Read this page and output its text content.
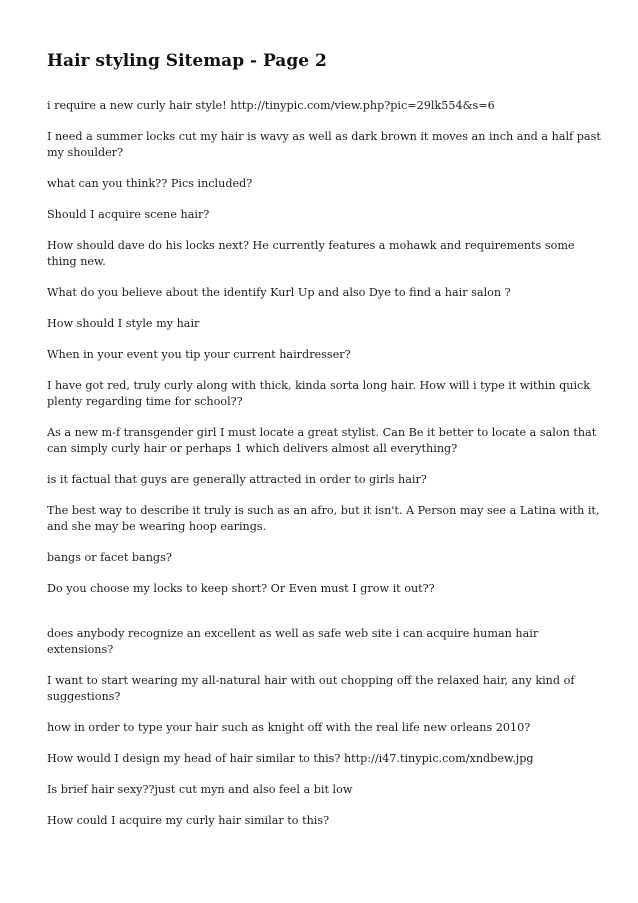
Hair styling Sitemap - Page 2

i require a new curly hair style! http://tinypic.com/view.php?pic=29lk554&s=6

I need a summer locks cut my hair is wavy as well as dark brown it moves an inch and a half past my shoulder?

what can you think?? Pics included?

Should I acquire scene hair?

How should dave do his locks next? He currently features a mohawk and requirements some thing new.

What do you believe about the identify Kurl Up and also Dye to find a hair salon ?

How should I style my hair

When in your event you tip your current hairdresser?

I have got red, truly curly along with thick, kinda sorta long hair. How will i type it within quick plenty regarding time for school??

As a new m-f transgender girl I must locate a great stylist. Can Be it better to locate a salon that can simply curly hair or perhaps 1 which delivers almost all everything?

is it factual that guys are generally attracted in order to girls hair?

The best way to describe it truly is such as an afro, but it isn't. A Person may see a Latina with it, and she may be wearing hoop earings.

bangs or facet bangs?

Do you choose my locks to keep short? Or Even must I grow it out??

does anybody recognize an excellent as well as safe web site i can acquire human hair extensions?

I want to start wearing my all-natural hair with out chopping off the relaxed hair, any kind of suggestions?

how in order to type your hair such as knight off with the real life new orleans 2010?

How would I design my head of hair similar to this? http://i47.tinypic.com/xndbew.jpg

Is brief hair sexy??just cut myn and also feel a bit low

How could I acquire my curly hair similar to this?
